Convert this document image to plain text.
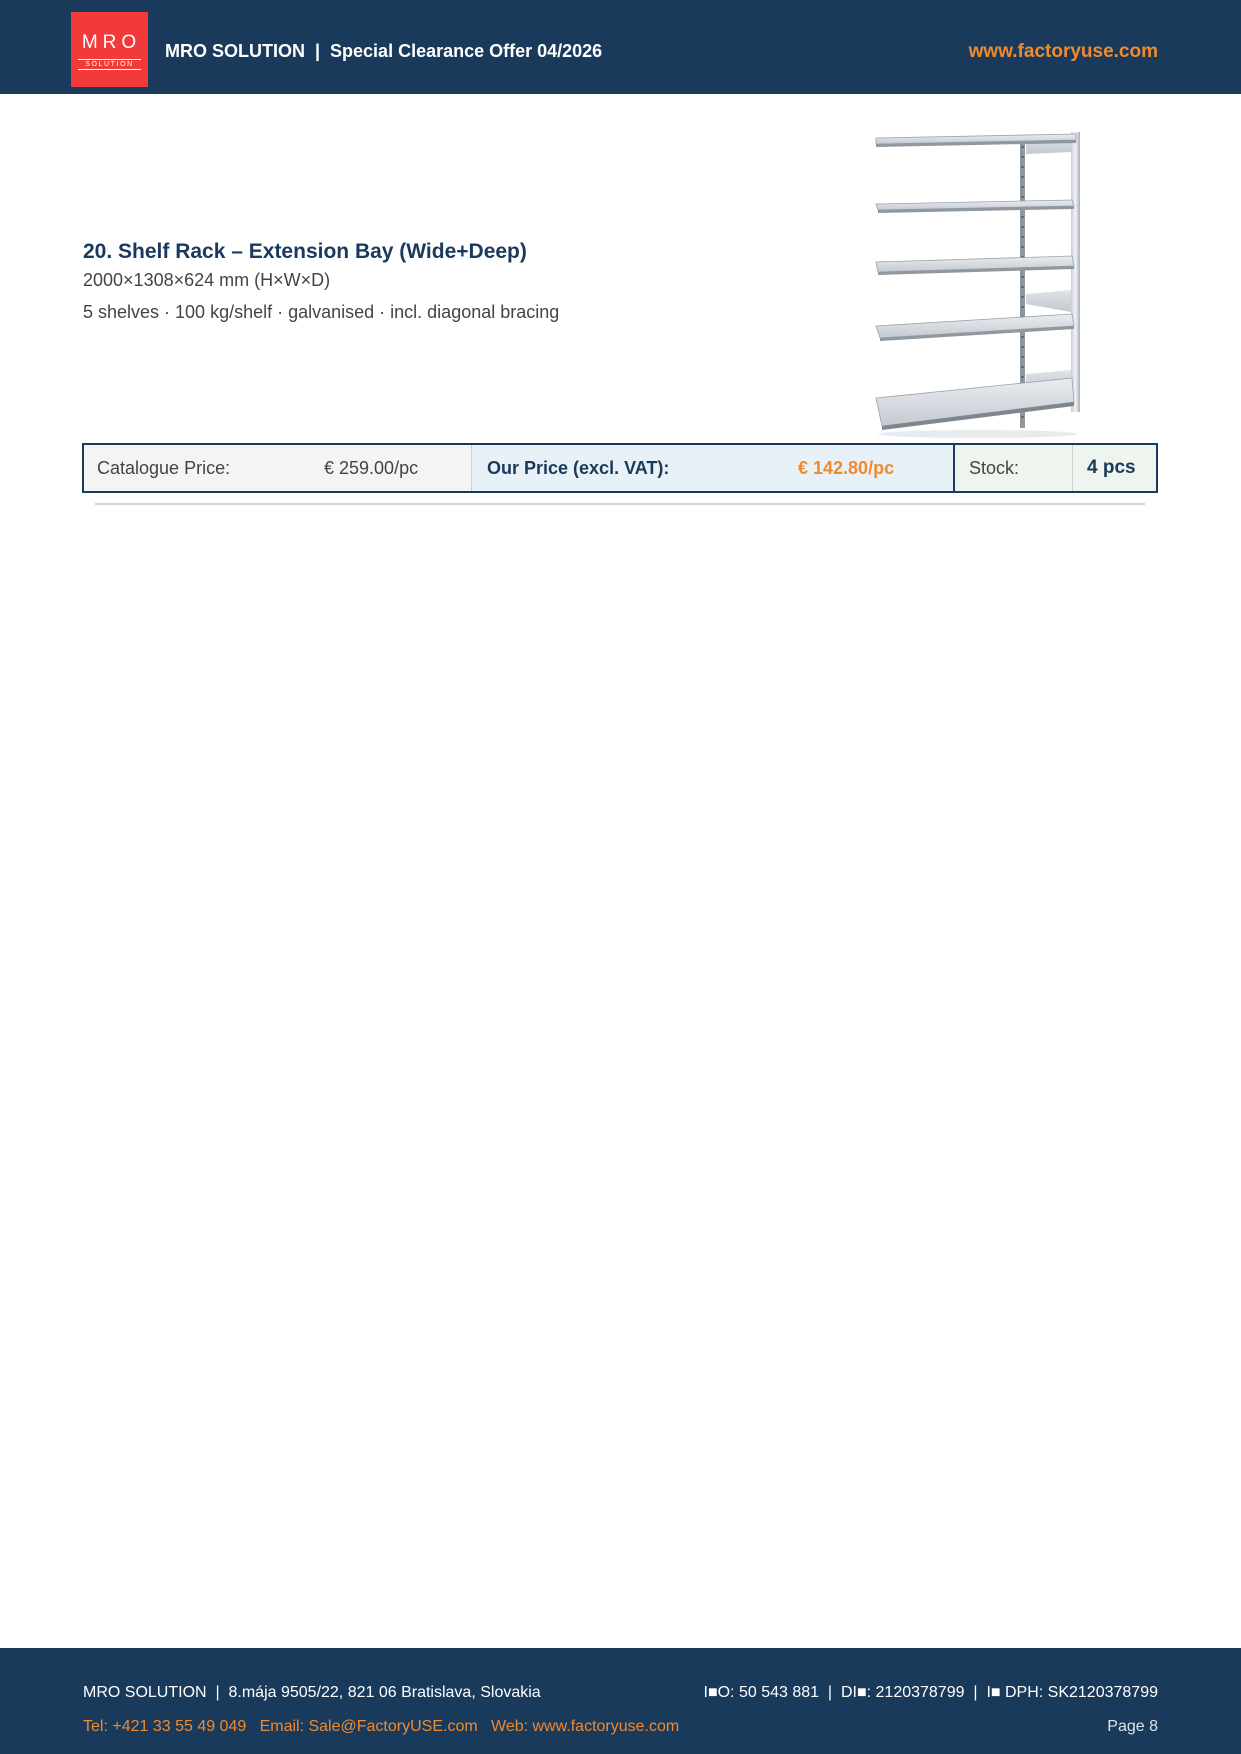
MRO
SOLUTION
MRO SOLUTION  |  Special Clearance Offer 04/2026	www.factoryuse.com
20. Shelf Rack – Extension Bay (Wide+Deep)
2000×1308×624 mm (H×W×D)
5 shelves · 100 kg/shelf · galvanised · incl. diagonal bracing
Catalogue Price:	€ 259.00/pc	Our Price (excl. VAT):	€ 142.80/pc	Stock:	4 pcs
MRO SOLUTION  |  8.mája 9505/22, 821 06 Bratislava, Slovakia	I■O: 50 543 881  |  DI■: 2120378799  |  I■ DPH: SK2120378799
Tel: +421 33 55 49 049   Email: Sale@FactoryUSE.com   Web: www.factoryuse.com	Page 8
